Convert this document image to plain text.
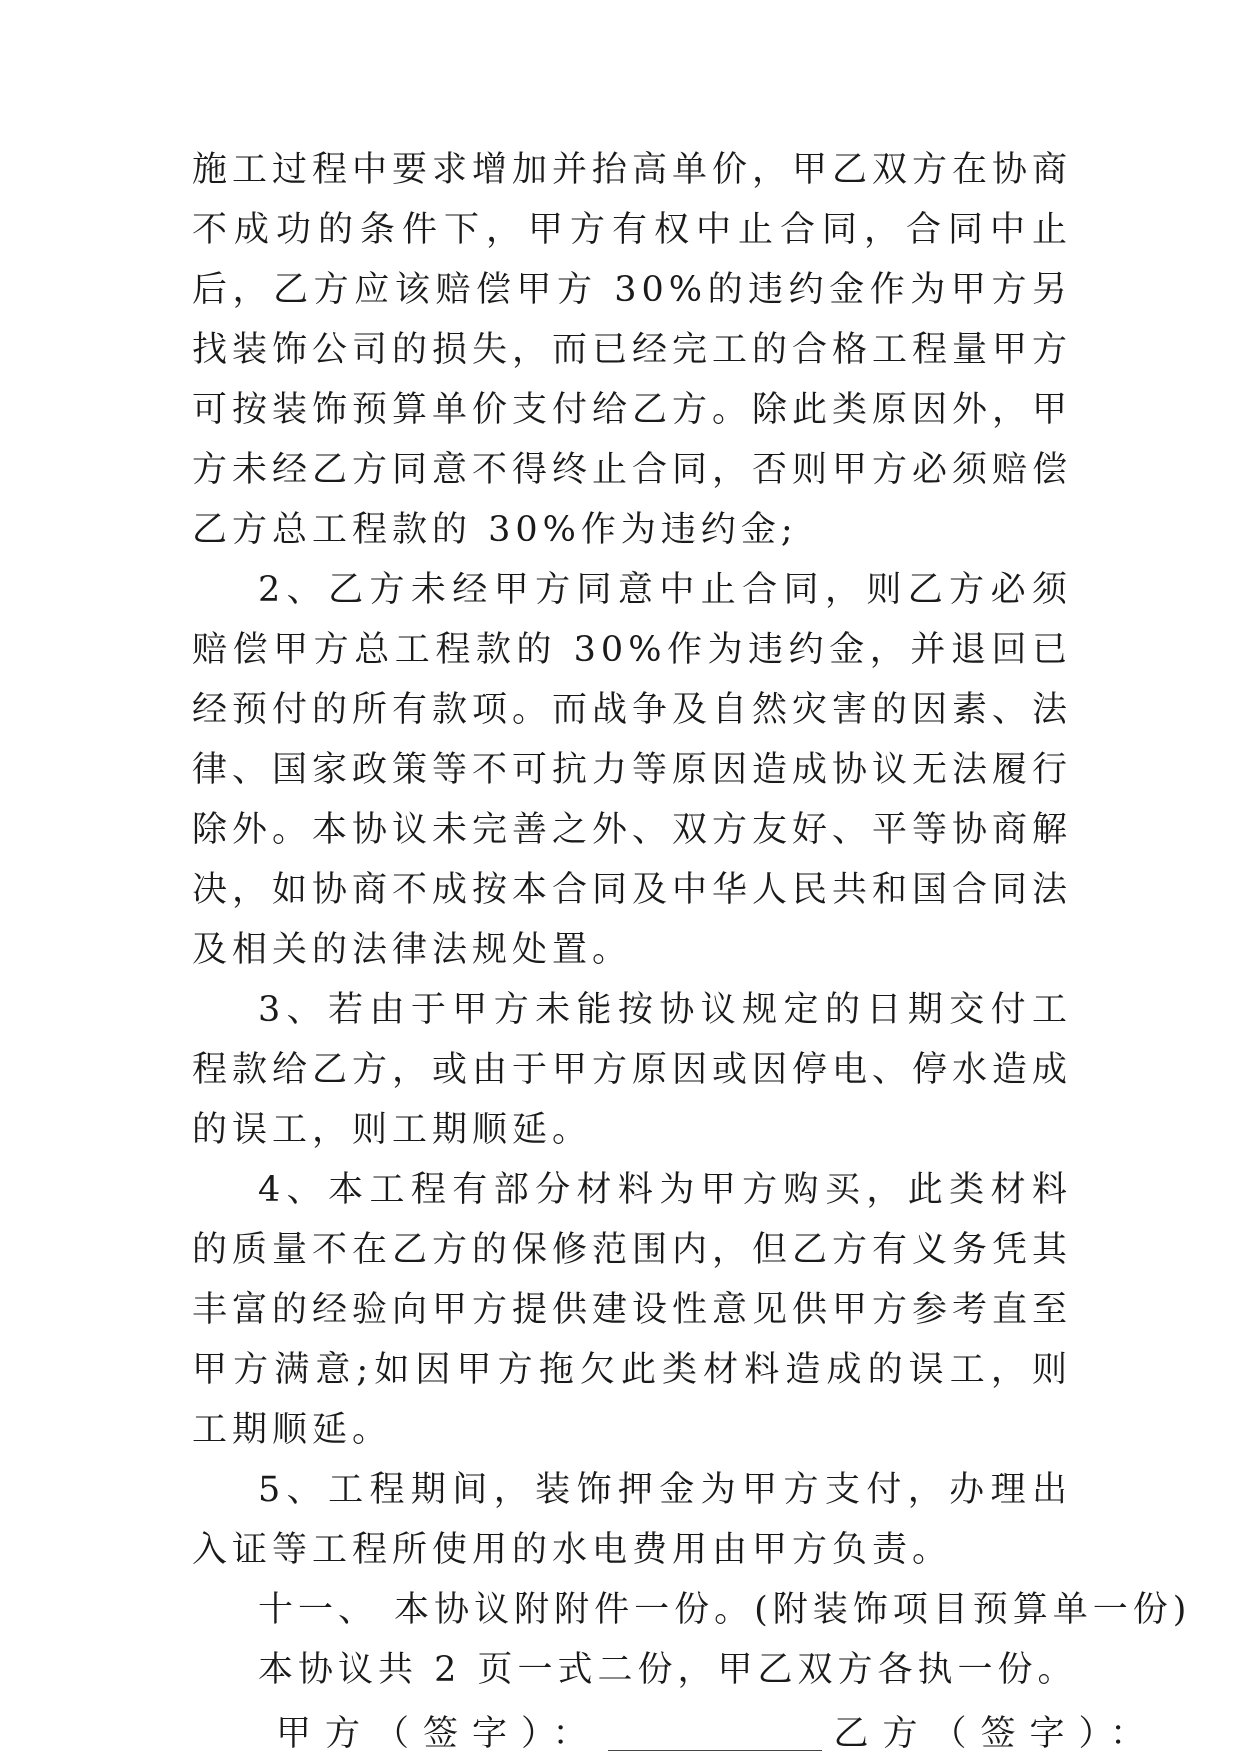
施工过程中要求增加并抬高单价，甲乙双方在协商不成功的条件下，甲方有权中止合同，合同中止后，乙方应该赔偿甲方 30%的违约金作为甲方另找装饰公司的损失，而已经完工的合格工程量甲方可按装饰预算单价支付给乙方。除此类原因外，甲方未经乙方同意不得终止合同，否则甲方必须赔偿乙方总工程款的 30%作为违约金;

2、乙方未经甲方同意中止合同，则乙方必须赔偿甲方总工程款的 30%作为违约金，并退回已经预付的所有款项。而战争及自然灾害的因素、法律、国家政策等不可抗力等原因造成协议无法履行除外。本协议未完善之外、双方友好、平等协商解决，如协商不成按本合同及中华人民共和国合同法及相关的法律法规处置。

3、若由于甲方未能按协议规定的日期交付工程款给乙方，或由于甲方原因或因停电、停水造成的误工，则工期顺延。

4、本工程有部分材料为甲方购买，此类材料的质量不在乙方的保修范围内，但乙方有义务凭其丰富的经验向甲方提供建设性意见供甲方参考直至甲方满意;如因甲方拖欠此类材料造成的误工，则工期顺延。

5、工程期间，装饰押金为甲方支付，办理出入证等工程所使用的水电费用由甲方负责。

十一、 本协议附附件一份。(附装饰项目预算单一份)

本协议共 2 页一式二份，甲乙双方各执一份。

甲方（签字）：	乙方（签字）：
